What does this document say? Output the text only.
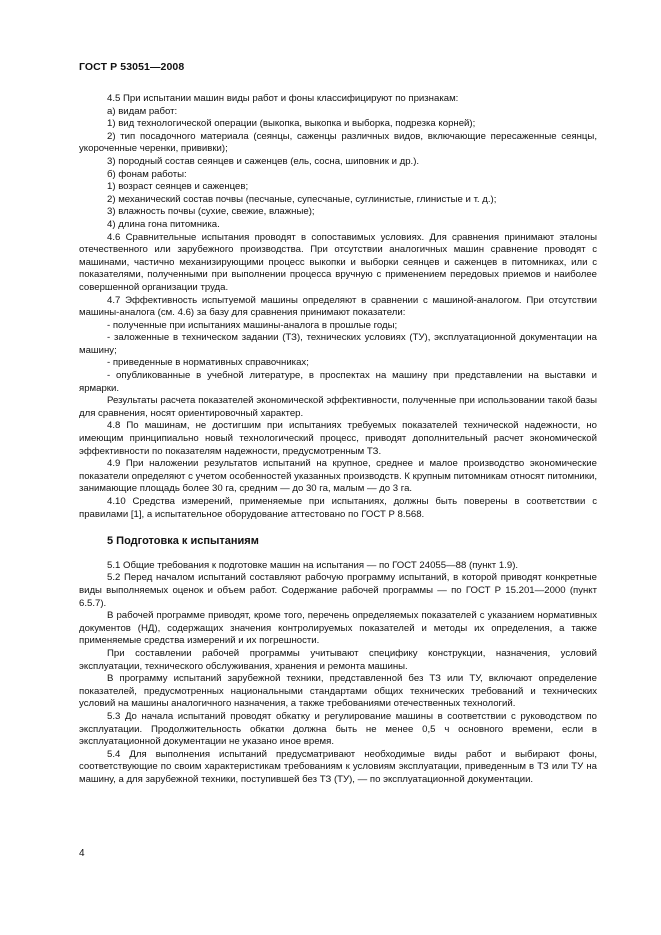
ГОСТ Р 53051—2008

4.5 При испытании машин виды работ и фоны классифицируют по признакам:

а) видам работ:

1) вид технологической операции (выкопка, выкопка и выборка, подрезка корней);

2) тип посадочного материала (сеянцы, саженцы различных видов, включающие пересаженные сеянцы, укороченные черенки, прививки);

3) породный состав сеянцев и саженцев (ель, сосна, шиповник и др.).

б) фонам работы:

1) возраст сеянцев и саженцев;

2) механический состав почвы (песчаные, супесчаные, суглинистые, глинистые и т. д.);

3) влажность почвы (сухие, свежие, влажные);

4) длина гона питомника.

4.6 Сравнительные испытания проводят в сопоставимых условиях. Для сравнения принимают эталоны отечественного или зарубежного производства. При отсутствии аналогичных машин сравнение проводят с машинами, частично механизирующими процесс выкопки и выборки сеянцев и саженцев в питомниках, или с показателями, полученными при выполнении процесса вручную с применением передовых приемов и наиболее совершенной организации труда.

4.7 Эффективность испытуемой машины определяют в сравнении с машиной-аналогом. При отсутствии машины-аналога (см. 4.6) за базу для сравнения принимают показатели:

- полученные при испытаниях машины-аналога в прошлые годы;

- заложенные в техническом задании (ТЗ), технических условиях (ТУ), эксплуатационной документации на машину;

- приведенные в нормативных справочниках;

- опубликованные в учебной литературе, в проспектах на машину при представлении на выставки и ярмарки.

Результаты расчета показателей экономической эффективности, полученные при использовании такой базы для сравнения, носят ориентировочный характер.

4.8 По машинам, не достигшим при испытаниях требуемых показателей технической надежности, но имеющим принципиально новый технологический процесс, приводят дополнительный расчет экономической эффективности по показателям надежности, предусмотренным ТЗ.

4.9 При наложении результатов испытаний на крупное, среднее и малое производство экономические показатели определяют с учетом особенностей указанных производств. К крупным питомникам относят питомники, занимающие площадь более 30 га, средним — до 30 га, малым — до 3 га.

4.10 Средства измерений, применяемые при испытаниях, должны быть поверены в соответствии с правилами [1], а испытательное оборудование аттестовано по ГОСТ Р 8.568.

5 Подготовка к испытаниям

5.1 Общие требования к подготовке машин на испытания — по ГОСТ 24055—88 (пункт 1.9).

5.2 Перед началом испытаний составляют рабочую программу испытаний, в которой приводят конкретные виды выполняемых оценок и объем работ. Содержание рабочей программы — по ГОСТ Р 15.201—2000 (пункт 6.5.7).

В рабочей программе приводят, кроме того, перечень определяемых показателей с указанием нормативных документов (НД), содержащих значения контролируемых показателей и методы их определения, а также применяемые средства измерений и их погрешности.

При составлении рабочей программы учитывают специфику конструкции, назначения, условий эксплуатации, технического обслуживания, хранения и ремонта машины.

В программу испытаний зарубежной техники, представленной без ТЗ или ТУ, включают определение показателей, предусмотренных национальными стандартами общих технических требований и технических условий на машины аналогичного назначения, а также требованиями отечественных технологий.

5.3 До начала испытаний проводят обкатку и регулирование машины в соответствии с руководством по эксплуатации. Продолжительность обкатки должна быть не менее 0,5 ч основного времени, если в эксплуатационной документации не указано иное время.

5.4 Для выполнения испытаний предусматривают необходимые виды работ и выбирают фоны, соответствующие по своим характеристикам требованиям к условиям эксплуатации, приведенным в ТЗ или ТУ на машину, а для зарубежной техники, поступившей без ТЗ (ТУ), — по эксплуатационной документации.

4
